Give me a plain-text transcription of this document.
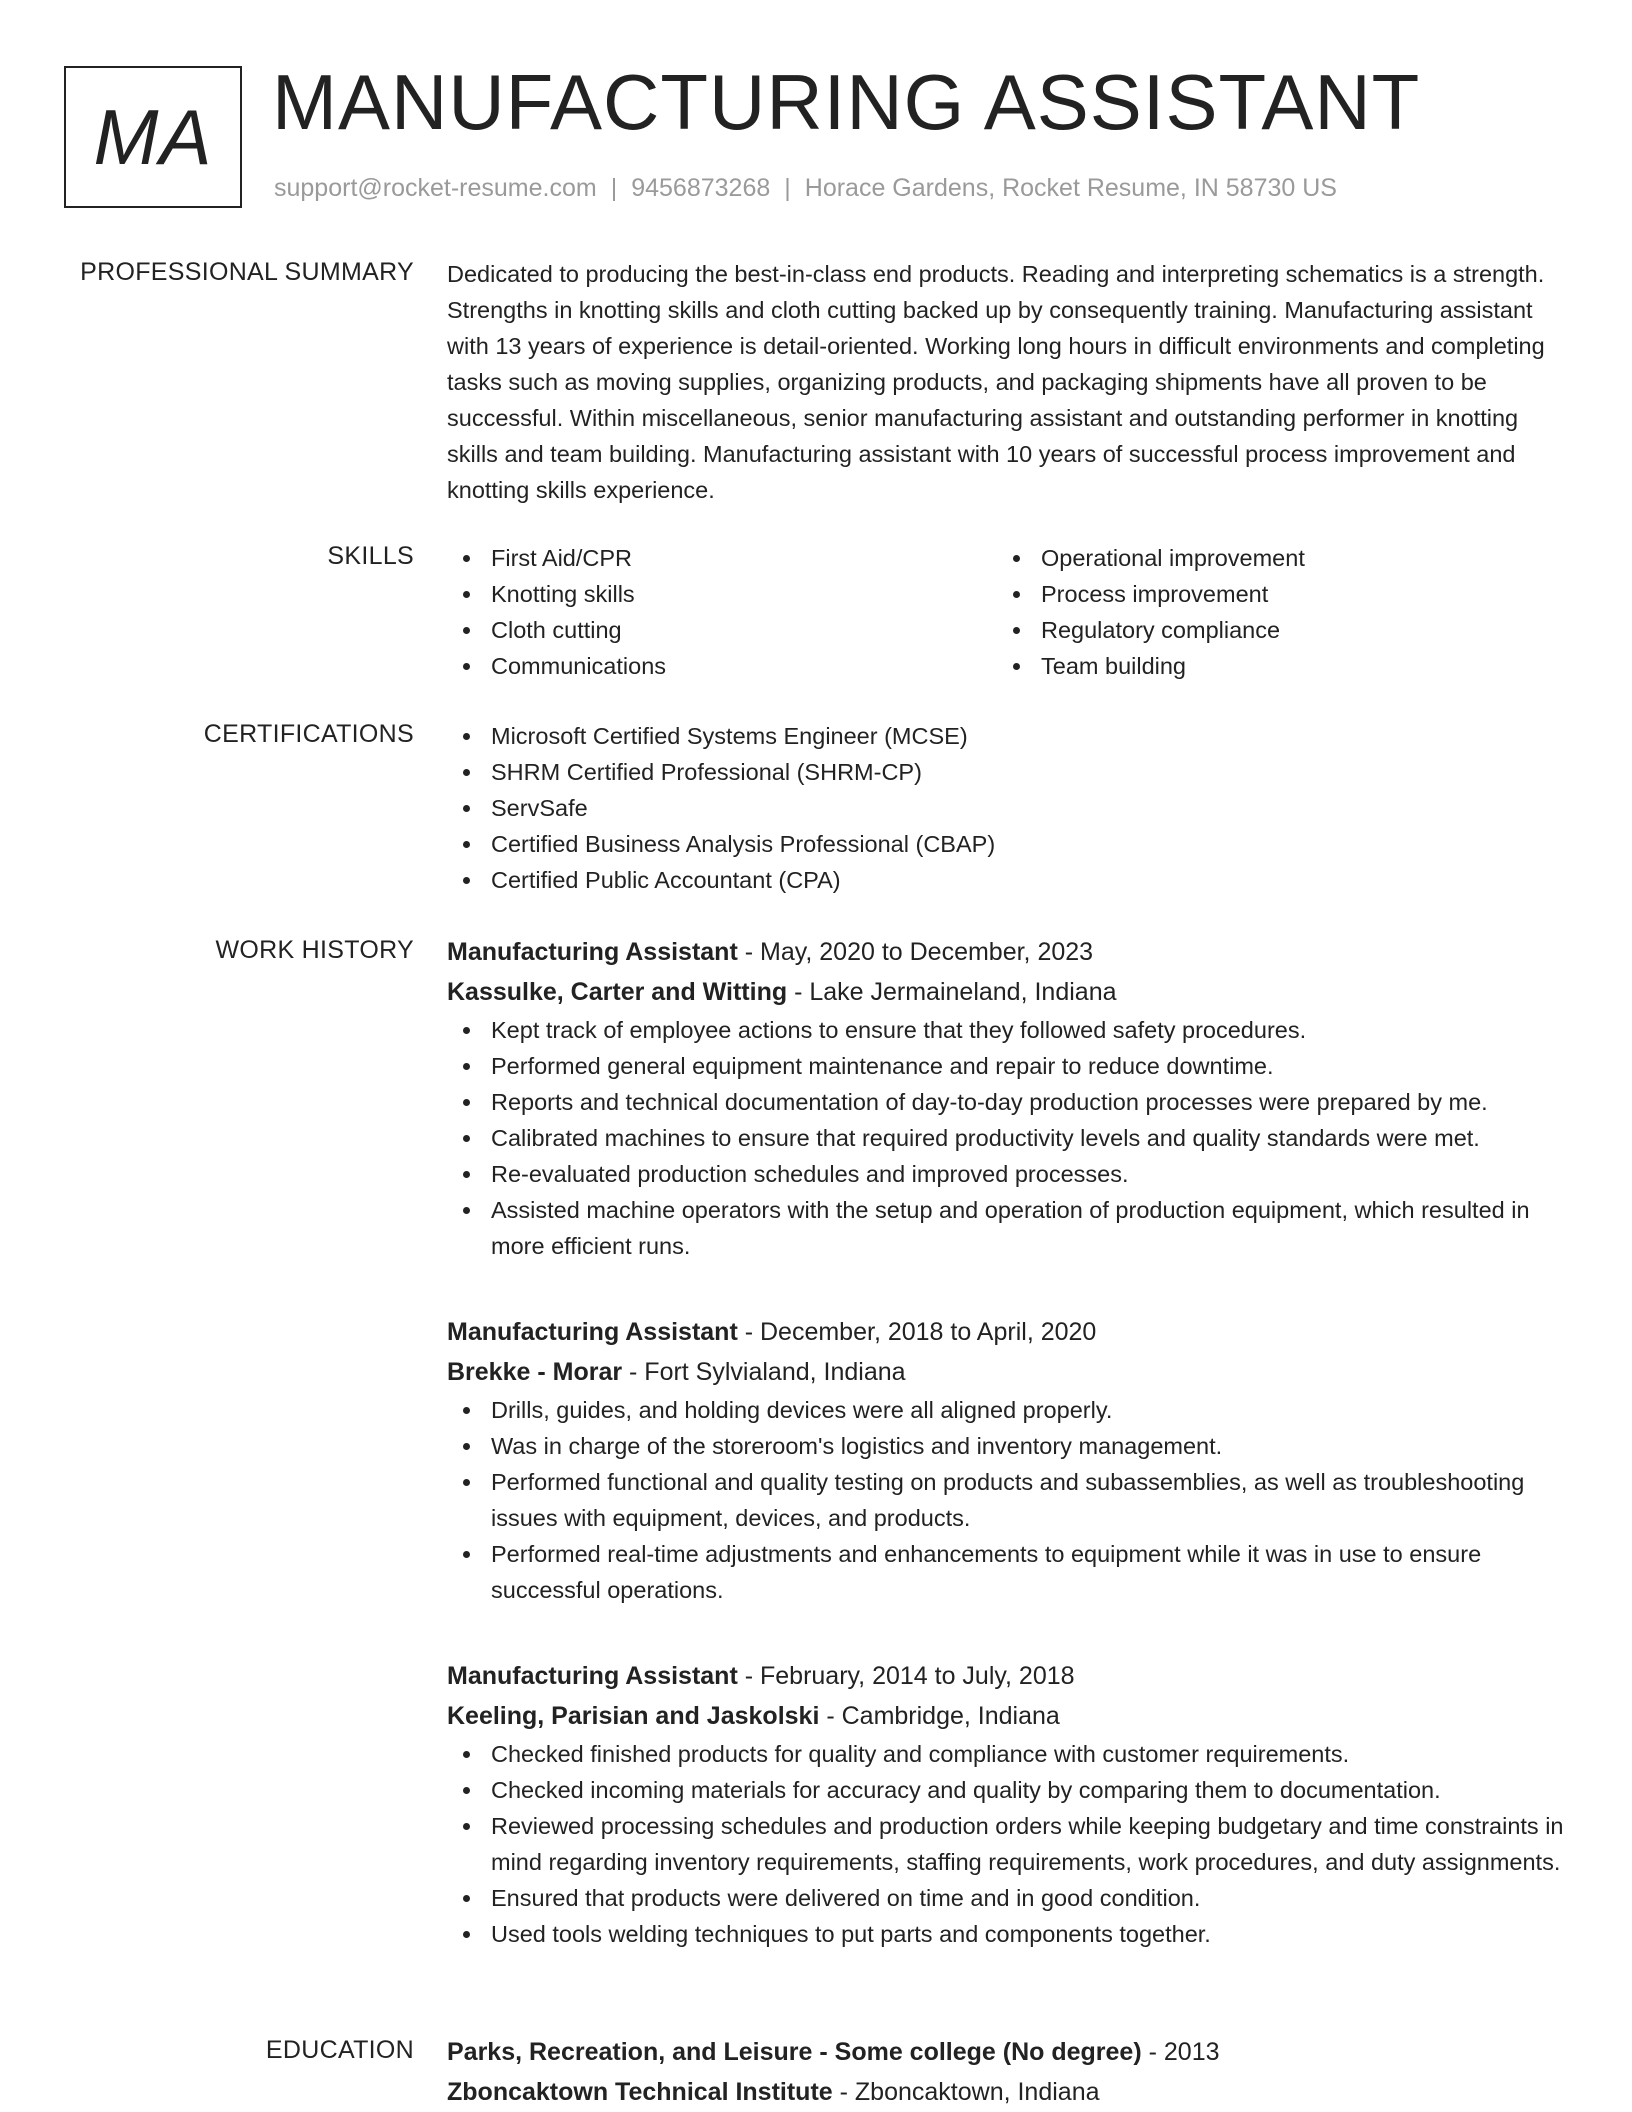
MA MANUFACTURING ASSISTANT
support@rocket-resume.com | 9456873268 | Horace Gardens, Rocket Resume, IN 58730 US
PROFESSIONAL SUMMARY Dedicated to producing the best-in-class end products. Reading and interpreting schematics is a strength. Strengths in knotting skills and cloth cutting backed up by consequently training. Manufacturing assistant with 13 years of experience is detail-oriented. Working long hours in difficult environments and completing tasks such as moving supplies, organizing products, and packaging shipments have all proven to be successful. Within miscellaneous, senior manufacturing assistant and outstanding performer in knotting skills and team building. Manufacturing assistant with 10 years of successful process improvement and knotting skills experience.

SKILLS	First Aid/CPR
Knotting skills
Cloth cutting
Communications
Operational improvement
Process improvement
Regulatory compliance
Team building
CERTIFICATIONS	Microsoft Certified Systems Engineer (MCSE)
SHRM Certified Professional (SHRM-CP)
ServSafe
Certified Business Analysis Professional (CBAP)
Certified Public Accountant (CPA)
WORK HISTORY Manufacturing Assistant - May, 2020 to December, 2023
Kassulke, Carter and Witting - Lake Jermaineland, Indiana
Kept track of employee actions to ensure that they followed safety procedures.
Performed general equipment maintenance and repair to reduce downtime.
Reports and technical documentation of day-to-day production processes were prepared by me.
Calibrated machines to ensure that required productivity levels and quality standards were met.
Re-evaluated production schedules and improved processes.
Assisted machine operators with the setup and operation of production equipment, which resulted in more efficient runs.
Manufacturing Assistant - December, 2018 to April, 2020
Brekke - Morar - Fort Sylvialand, Indiana
Drills, guides, and holding devices were all aligned properly.
Was in charge of the storeroom's logistics and inventory management.
Performed functional and quality testing on products and subassemblies, as well as troubleshooting issues with equipment, devices, and products.
Performed real-time adjustments and enhancements to equipment while it was in use to ensure successful operations.
Manufacturing Assistant - February, 2014 to July, 2018
Keeling, Parisian and Jaskolski - Cambridge, Indiana
Checked finished products for quality and compliance with customer requirements.
Checked incoming materials for accuracy and quality by comparing them to documentation.
Reviewed processing schedules and production orders while keeping budgetary and time constraints in mind regarding inventory requirements, staffing requirements, work procedures, and duty assignments.
Ensured that products were delivered on time and in good condition.
Used tools welding techniques to put parts and components together.
EDUCATION Parks, Recreation, and Leisure - Some college (No degree) - 2013
Zboncaktown Technical Institute - Zboncaktown, Indiana
